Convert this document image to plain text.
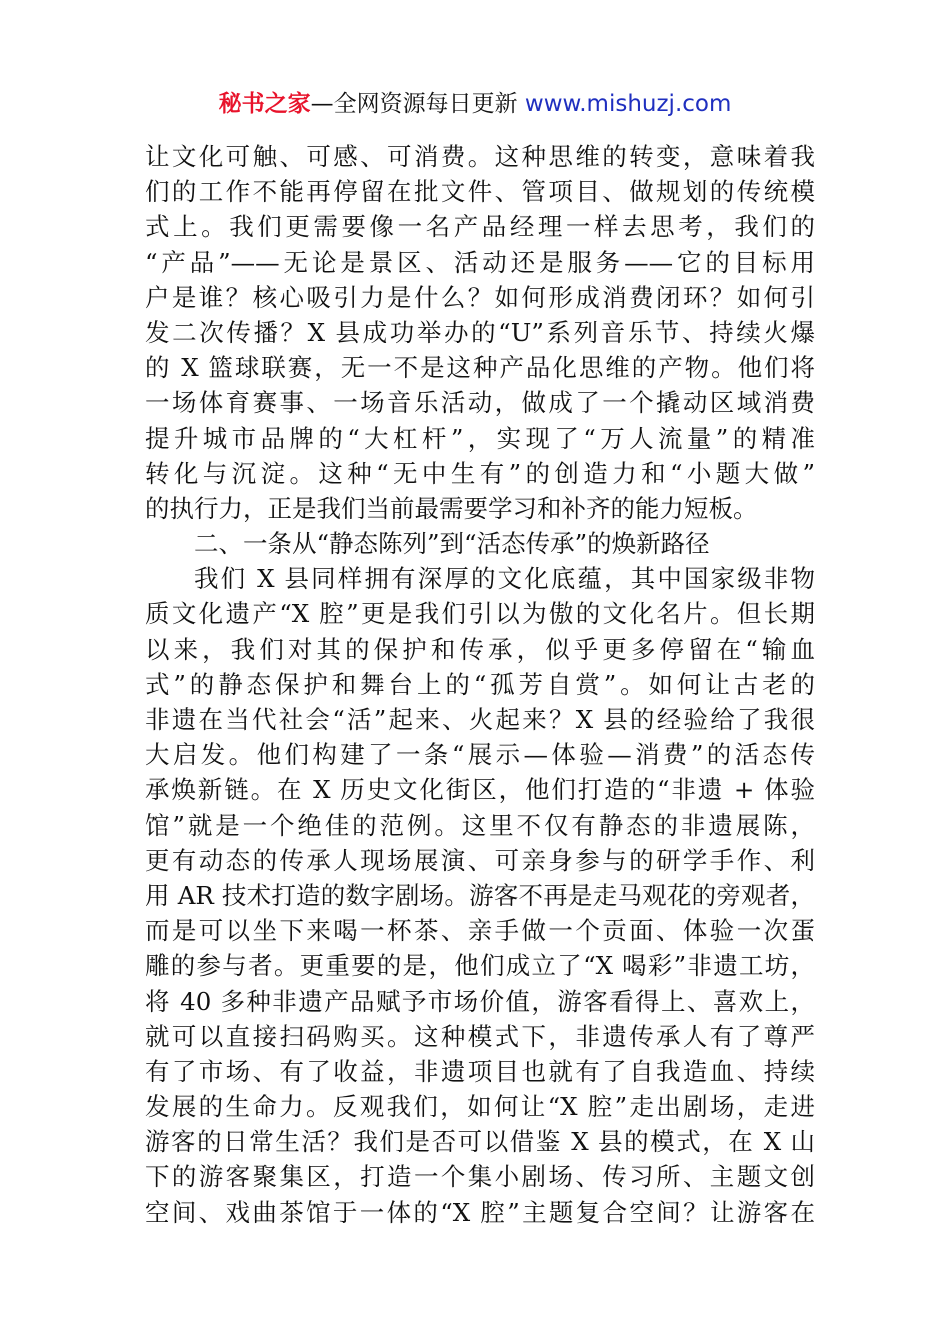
秘书之家—全网资源每日更新 www.mishuzj.com
让文化可触、可感、可消费。这种思维的转变，意味着我
们的工作不能再停留在批文件、管项目、做规划的传统模
式上。我们更需要像一名产品经理一样去思考，我们的
“产品”——无论是景区、活动还是服务——它的目标用
户是谁？核心吸引力是什么？如何形成消费闭环？如何引
发二次传播？X 县成功举办的“U”系列音乐节、持续火爆
的 X 篮球联赛，无一不是这种产品化思维的产物。他们将
一场体育赛事、一场音乐活动，做成了一个撬动区域消费
提升城市品牌的“大杠杆”，实现了“万人流量”的精准
转化与沉淀。这种“无中生有”的创造力和“小题大做”
的执行力，正是我们当前最需要学习和补齐的能力短板。
二、一条从“静态陈列”到“活态传承”的焕新路径
我们 X 县同样拥有深厚的文化底蕴，其中国家级非物
质文化遗产“X 腔”更是我们引以为傲的文化名片。但长期
以来，我们对其的保护和传承，似乎更多停留在“输血
式”的静态保护和舞台上的“孤芳自赏”。如何让古老的
非遗在当代社会“活”起来、火起来？X 县的经验给了我很
大启发。他们构建了一条“展示—体验—消费”的活态传
承焕新链。在 X 历史文化街区，他们打造的“非遗 + 体验
馆”就是一个绝佳的范例。这里不仅有静态的非遗展陈，
更有动态的传承人现场展演、可亲身参与的研学手作、利
用 AR 技术打造的数字剧场。游客不再是走马观花的旁观者，
而是可以坐下来喝一杯茶、亲手做一个贡面、体验一次蛋
雕的参与者。更重要的是，他们成立了“X 喝彩”非遗工坊，
将 40 多种非遗产品赋予市场价值，游客看得上、喜欢上，
就可以直接扫码购买。这种模式下，非遗传承人有了尊严
有了市场、有了收益，非遗项目也就有了自我造血、持续
发展的生命力。反观我们，如何让“X 腔”走出剧场，走进
游客的日常生活？我们是否可以借鉴 X 县的模式，在 X 山
下的游客聚集区，打造一个集小剧场、传习所、主题文创
空间、戏曲茶馆于一体的“X 腔”主题复合空间？让游客在
